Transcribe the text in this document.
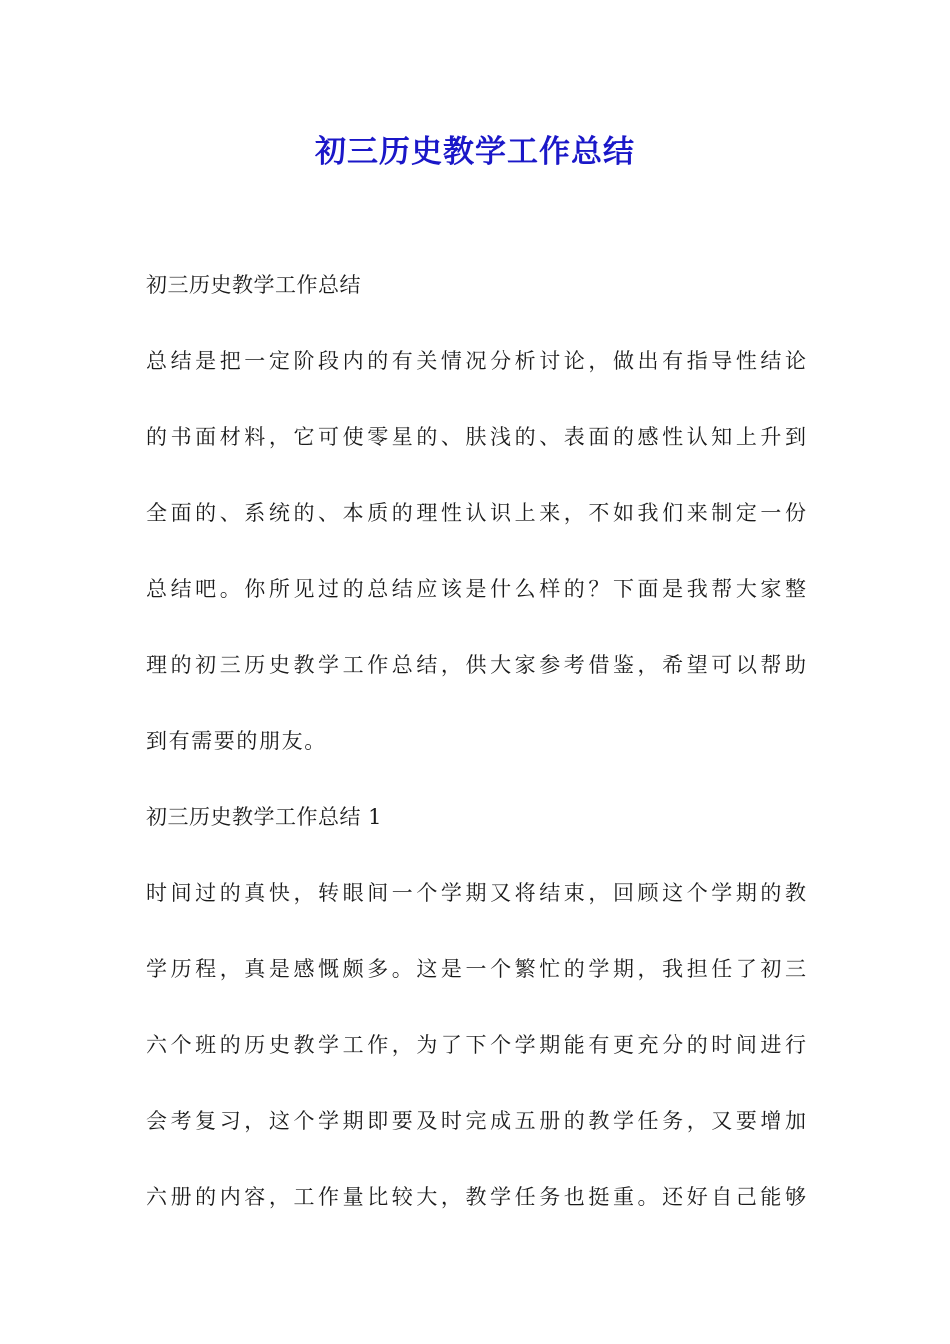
初三历史教学工作总结
初三历史教学工作总结
总结是把一定阶段内的有关情况分析讨论，做出有指导性结论
的书面材料，它可使零星的、肤浅的、表面的感性认知上升到
全面的、系统的、本质的理性认识上来，不如我们来制定一份
总结吧。你所见过的总结应该是什么样的？下面是我帮大家整
理的初三历史教学工作总结，供大家参考借鉴，希望可以帮助
到有需要的朋友。
初三历史教学工作总结 1
时间过的真快，转眼间一个学期又将结束，回顾这个学期的教
学历程，真是感慨颇多。这是一个繁忙的学期，我担任了初三
六个班的历史教学工作，为了下个学期能有更充分的时间进行
会考复习，这个学期即要及时完成五册的教学任务，又要增加
六册的内容，工作量比较大，教学任务也挺重。还好自己能够
